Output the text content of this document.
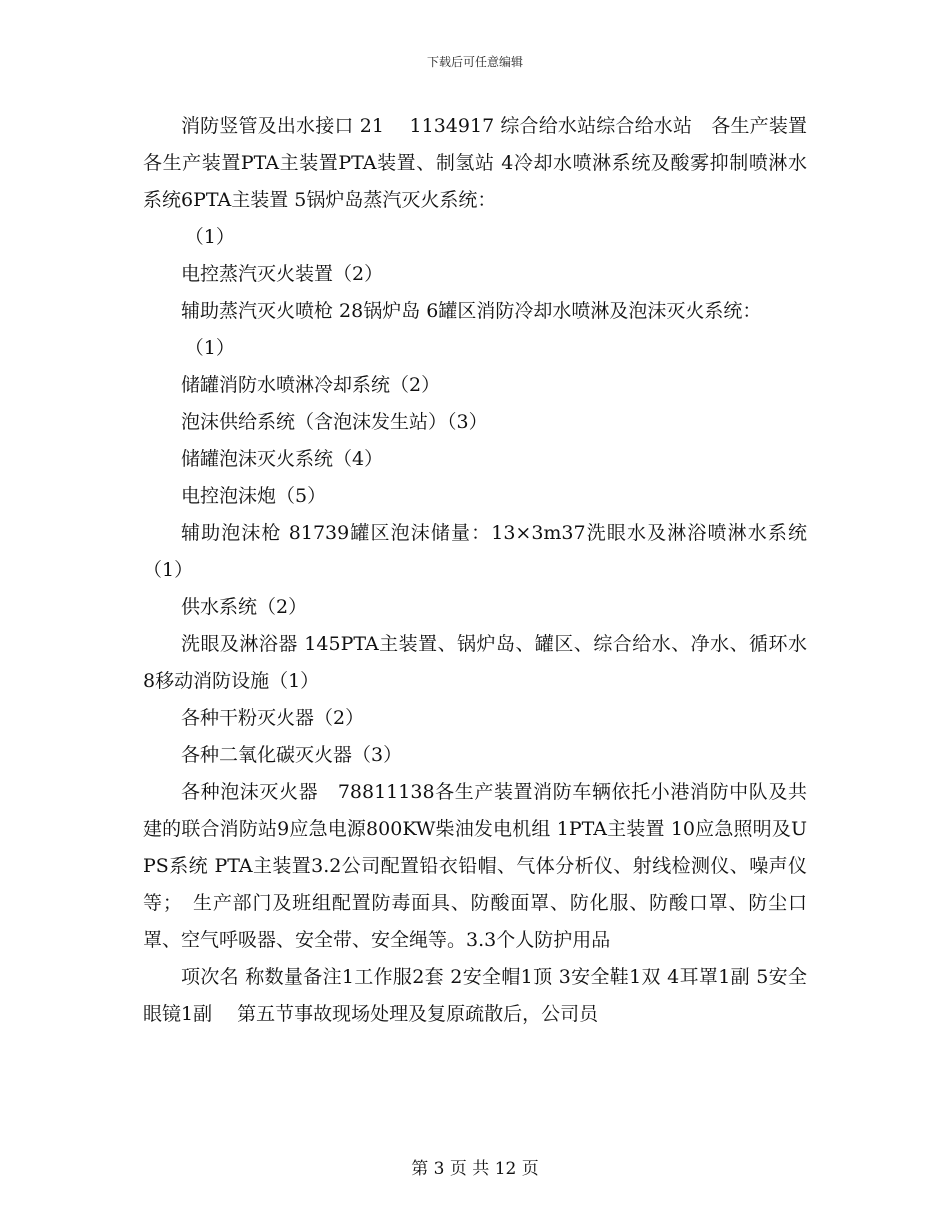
下载后可任意编辑

消防竖管及出水接口 21　 1134917 综合给水站综合给水站　各生产装置各生产装置PTA主装置PTA装置、制氢站 4冷却水喷淋系统及酸雾抑制喷淋水系统6PTA主装置 5锅炉岛蒸汽灭火系统：

（1）

电控蒸汽灭火装置（2）

辅助蒸汽灭火喷枪 28锅炉岛 6罐区消防冷却水喷淋及泡沫灭火系统：

（1）

储罐消防水喷淋冷却系统（2）

泡沫供给系统（含泡沫发生站）（3）

储罐泡沫灭火系统（4）

电控泡沫炮（5）

辅助泡沫枪 81739罐区泡沫储量：13×3m37洗眼水及淋浴喷淋水系统（1）

供水系统（2）

洗眼及淋浴器 145PTA主装置、锅炉岛、罐区、综合给水、净水、循环水 8移动消防设施（1）

各种干粉灭火器（2）

各种二氧化碳灭火器（3）

各种泡沫灭火器　78811138各生产装置消防车辆依托小港消防中队及共建的联合消防站9应急电源800KW柴油发电机组 1PTA主装置 10应急照明及UPS系统 PTA主装置3.2公司配置铅衣铅帽、气体分析仪、射线检测仪、噪声仪等；　生产部门及班组配置防毒面具、防酸面罩、防化服、防酸口罩、防尘口罩、空气呼吸器、安全带、安全绳等。3.3个人防护用品

项次名 称数量备注1工作服2套 2安全帽1顶 3安全鞋1双 4耳罩1副 5安全眼镜1副　 第五节事故现场处理及复原疏散后，公司员

第 3 页 共 12 页
